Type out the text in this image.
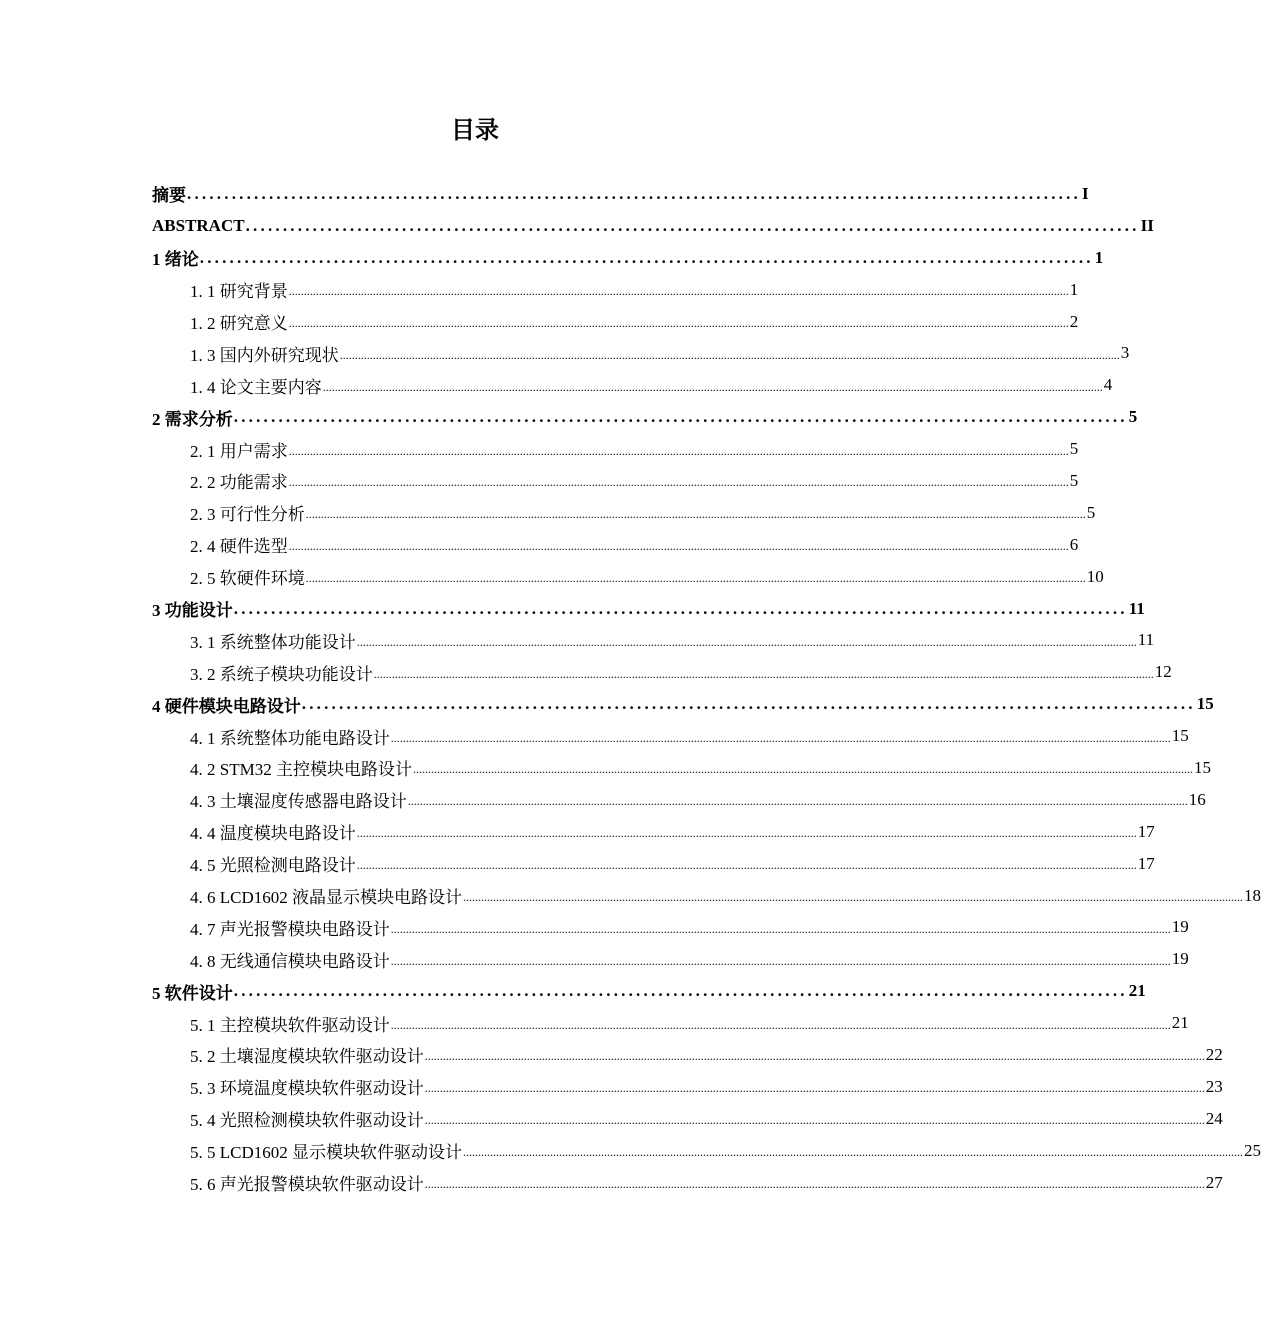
目录
摘要 ........................................................................................................................ I
ABSTRACT ........................................................................................................................ II
1 绪论 ........................................................................................................................ 1
1. 1 研究背景 .................................................................................................................................................................................................................................................................... 1
1. 2 研究意义 .................................................................................................................................................................................................................................................................... 2
1. 3 国内外研究现状 .................................................................................................................................................................................................................................................................... 3
1. 4 论文主要内容 .................................................................................................................................................................................................................................................................... 4
2 需求分析 ........................................................................................................................ 5
2. 1 用户需求 .................................................................................................................................................................................................................................................................... 5
2. 2 功能需求 .................................................................................................................................................................................................................................................................... 5
2. 3 可行性分析 .................................................................................................................................................................................................................................................................... 5
2. 4 硬件选型 .................................................................................................................................................................................................................................................................... 6
2. 5 软硬件环境 .................................................................................................................................................................................................................................................................... 10
3 功能设计 ........................................................................................................................ 11
3. 1 系统整体功能设计 .................................................................................................................................................................................................................................................................... 11
3. 2 系统子模块功能设计 .................................................................................................................................................................................................................................................................... 12
4 硬件模块电路设计 ........................................................................................................................ 15
4. 1 系统整体功能电路设计 .................................................................................................................................................................................................................................................................... 15
4. 2 STM32 主控模块电路设计 .................................................................................................................................................................................................................................................................... 15
4. 3 土壤湿度传感器电路设计 .................................................................................................................................................................................................................................................................... 16
4. 4 温度模块电路设计 .................................................................................................................................................................................................................................................................... 17
4. 5 光照检测电路设计 .................................................................................................................................................................................................................................................................... 17
4. 6 LCD1602 液晶显示模块电路设计 .................................................................................................................................................................................................................................................................... 18
4. 7 声光报警模块电路设计 .................................................................................................................................................................................................................................................................... 19
4. 8 无线通信模块电路设计 .................................................................................................................................................................................................................................................................... 19
5 软件设计 ........................................................................................................................ 21
5. 1 主控模块软件驱动设计 .................................................................................................................................................................................................................................................................... 21
5. 2 土壤湿度模块软件驱动设计 .................................................................................................................................................................................................................................................................... 22
5. 3 环境温度模块软件驱动设计 .................................................................................................................................................................................................................................................................... 23
5. 4 光照检测模块软件驱动设计 .................................................................................................................................................................................................................................................................... 24
5. 5 LCD1602 显示模块软件驱动设计 .................................................................................................................................................................................................................................................................... 25
5. 6 声光报警模块软件驱动设计 .................................................................................................................................................................................................................................................................... 27
